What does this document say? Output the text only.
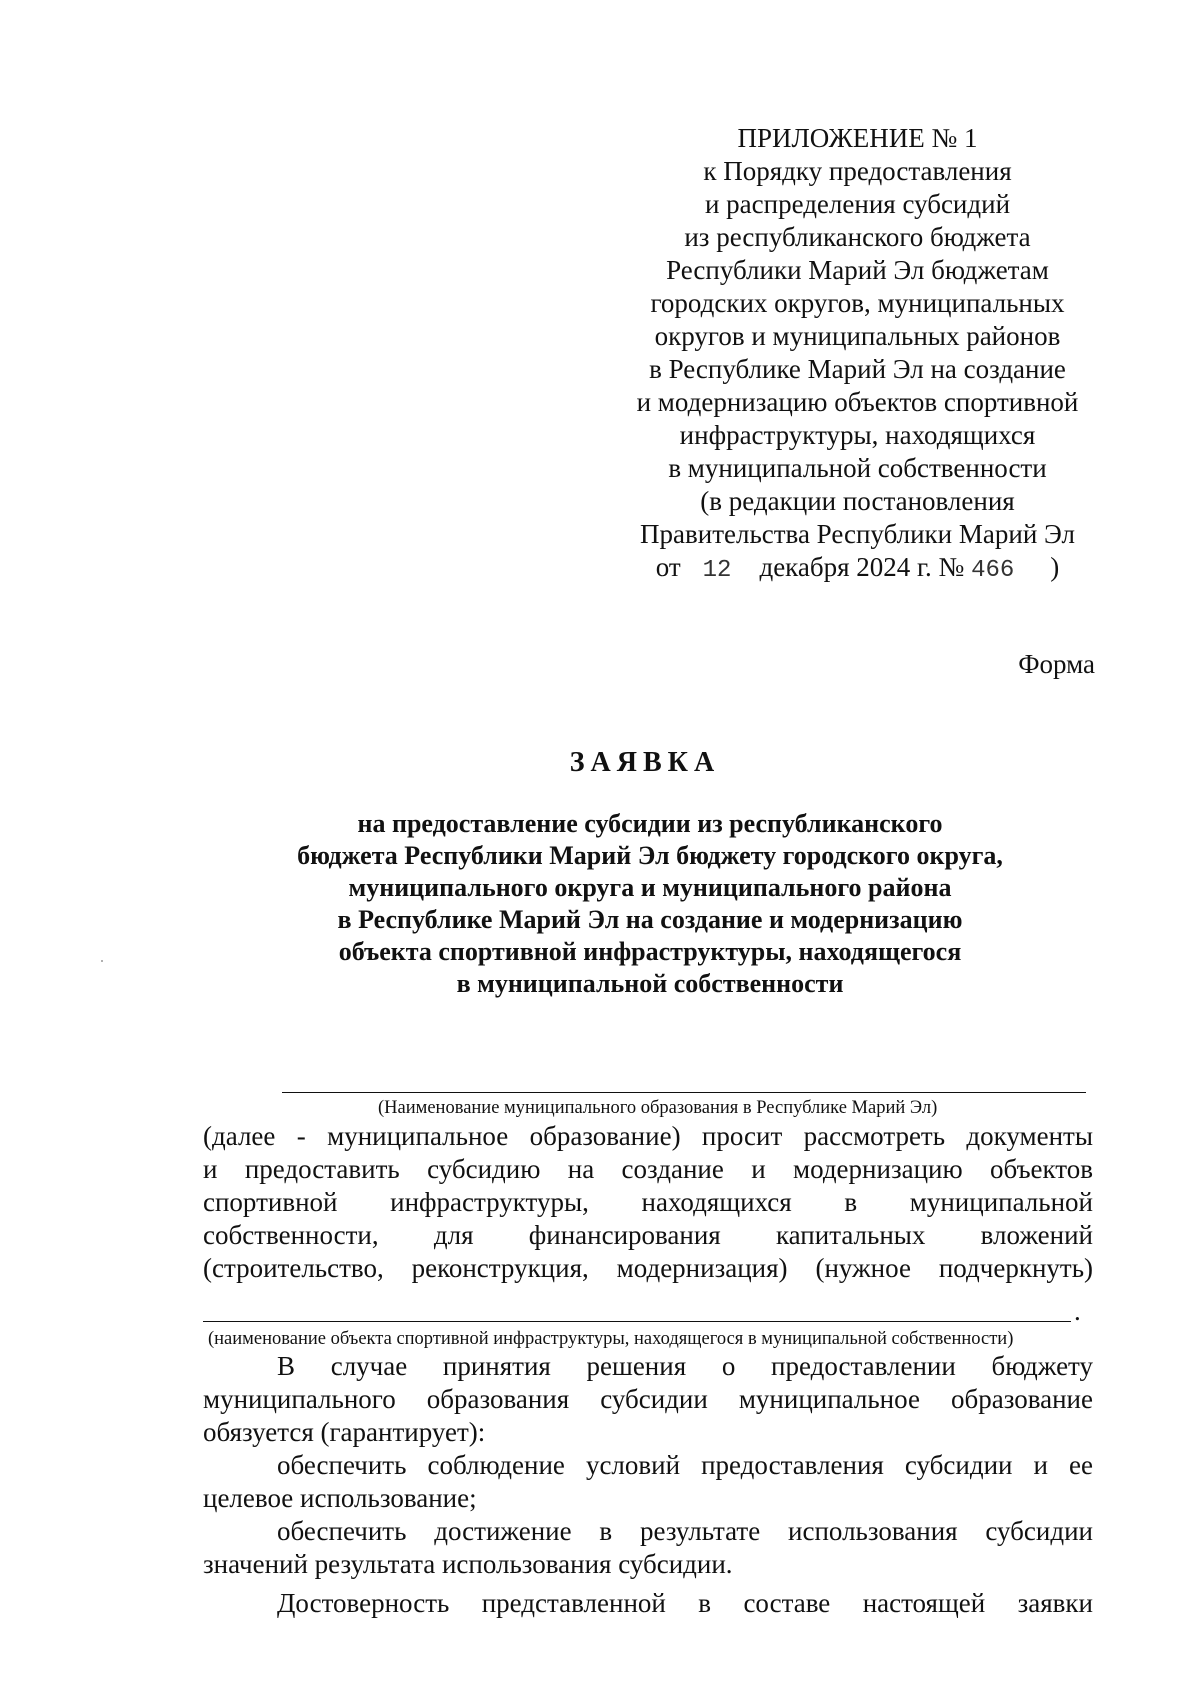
ПРИЛОЖЕНИЕ № 1
к Порядку предоставления
и распределения субсидий
из республиканского бюджета
Республики Марий Эл бюджетам
городских округов, муниципальных
округов и муниципальных районов
в Республике Марий Эл на создание
и модернизацию объектов спортивной
инфраструктуры, находящихся
в муниципальной собственности
(в редакции постановления
Правительства Республики Марий Эл
от 12 декабря 2024 г. № 466 )
Форма
ЗАЯВКА
на предоставление субсидии из республиканского
бюджета Республики Марий Эл бюджету городского округа,
муниципального округа и муниципального района
в Республике Марий Эл на создание и модернизацию
объекта спортивной инфраструктуры, находящегося
в муниципальной собственности
(Наименование муниципального образования в Республике Марий Эл)
(далее - муниципальное образование) просит рассмотреть документы
и предоставить субсидию на создание и модернизацию объектов
спортивной инфраструктуры, находящихся в муниципальной
собственности, для финансирования капитальных вложений
(строительство, реконструкция, модернизация) (нужное подчеркнуть)
.
(наименование объекта спортивной инфраструктуры, находящегося в муниципальной собственности)
В случае принятия решения о предоставлении бюджету
муниципального образования субсидии муниципальное образование
обязуется (гарантирует):
обеспечить соблюдение условий предоставления субсидии и ее
целевое использование;
обеспечить достижение в результате использования субсидии
значений результата использования субсидии.
Достоверность представленной в составе настоящей заявки
